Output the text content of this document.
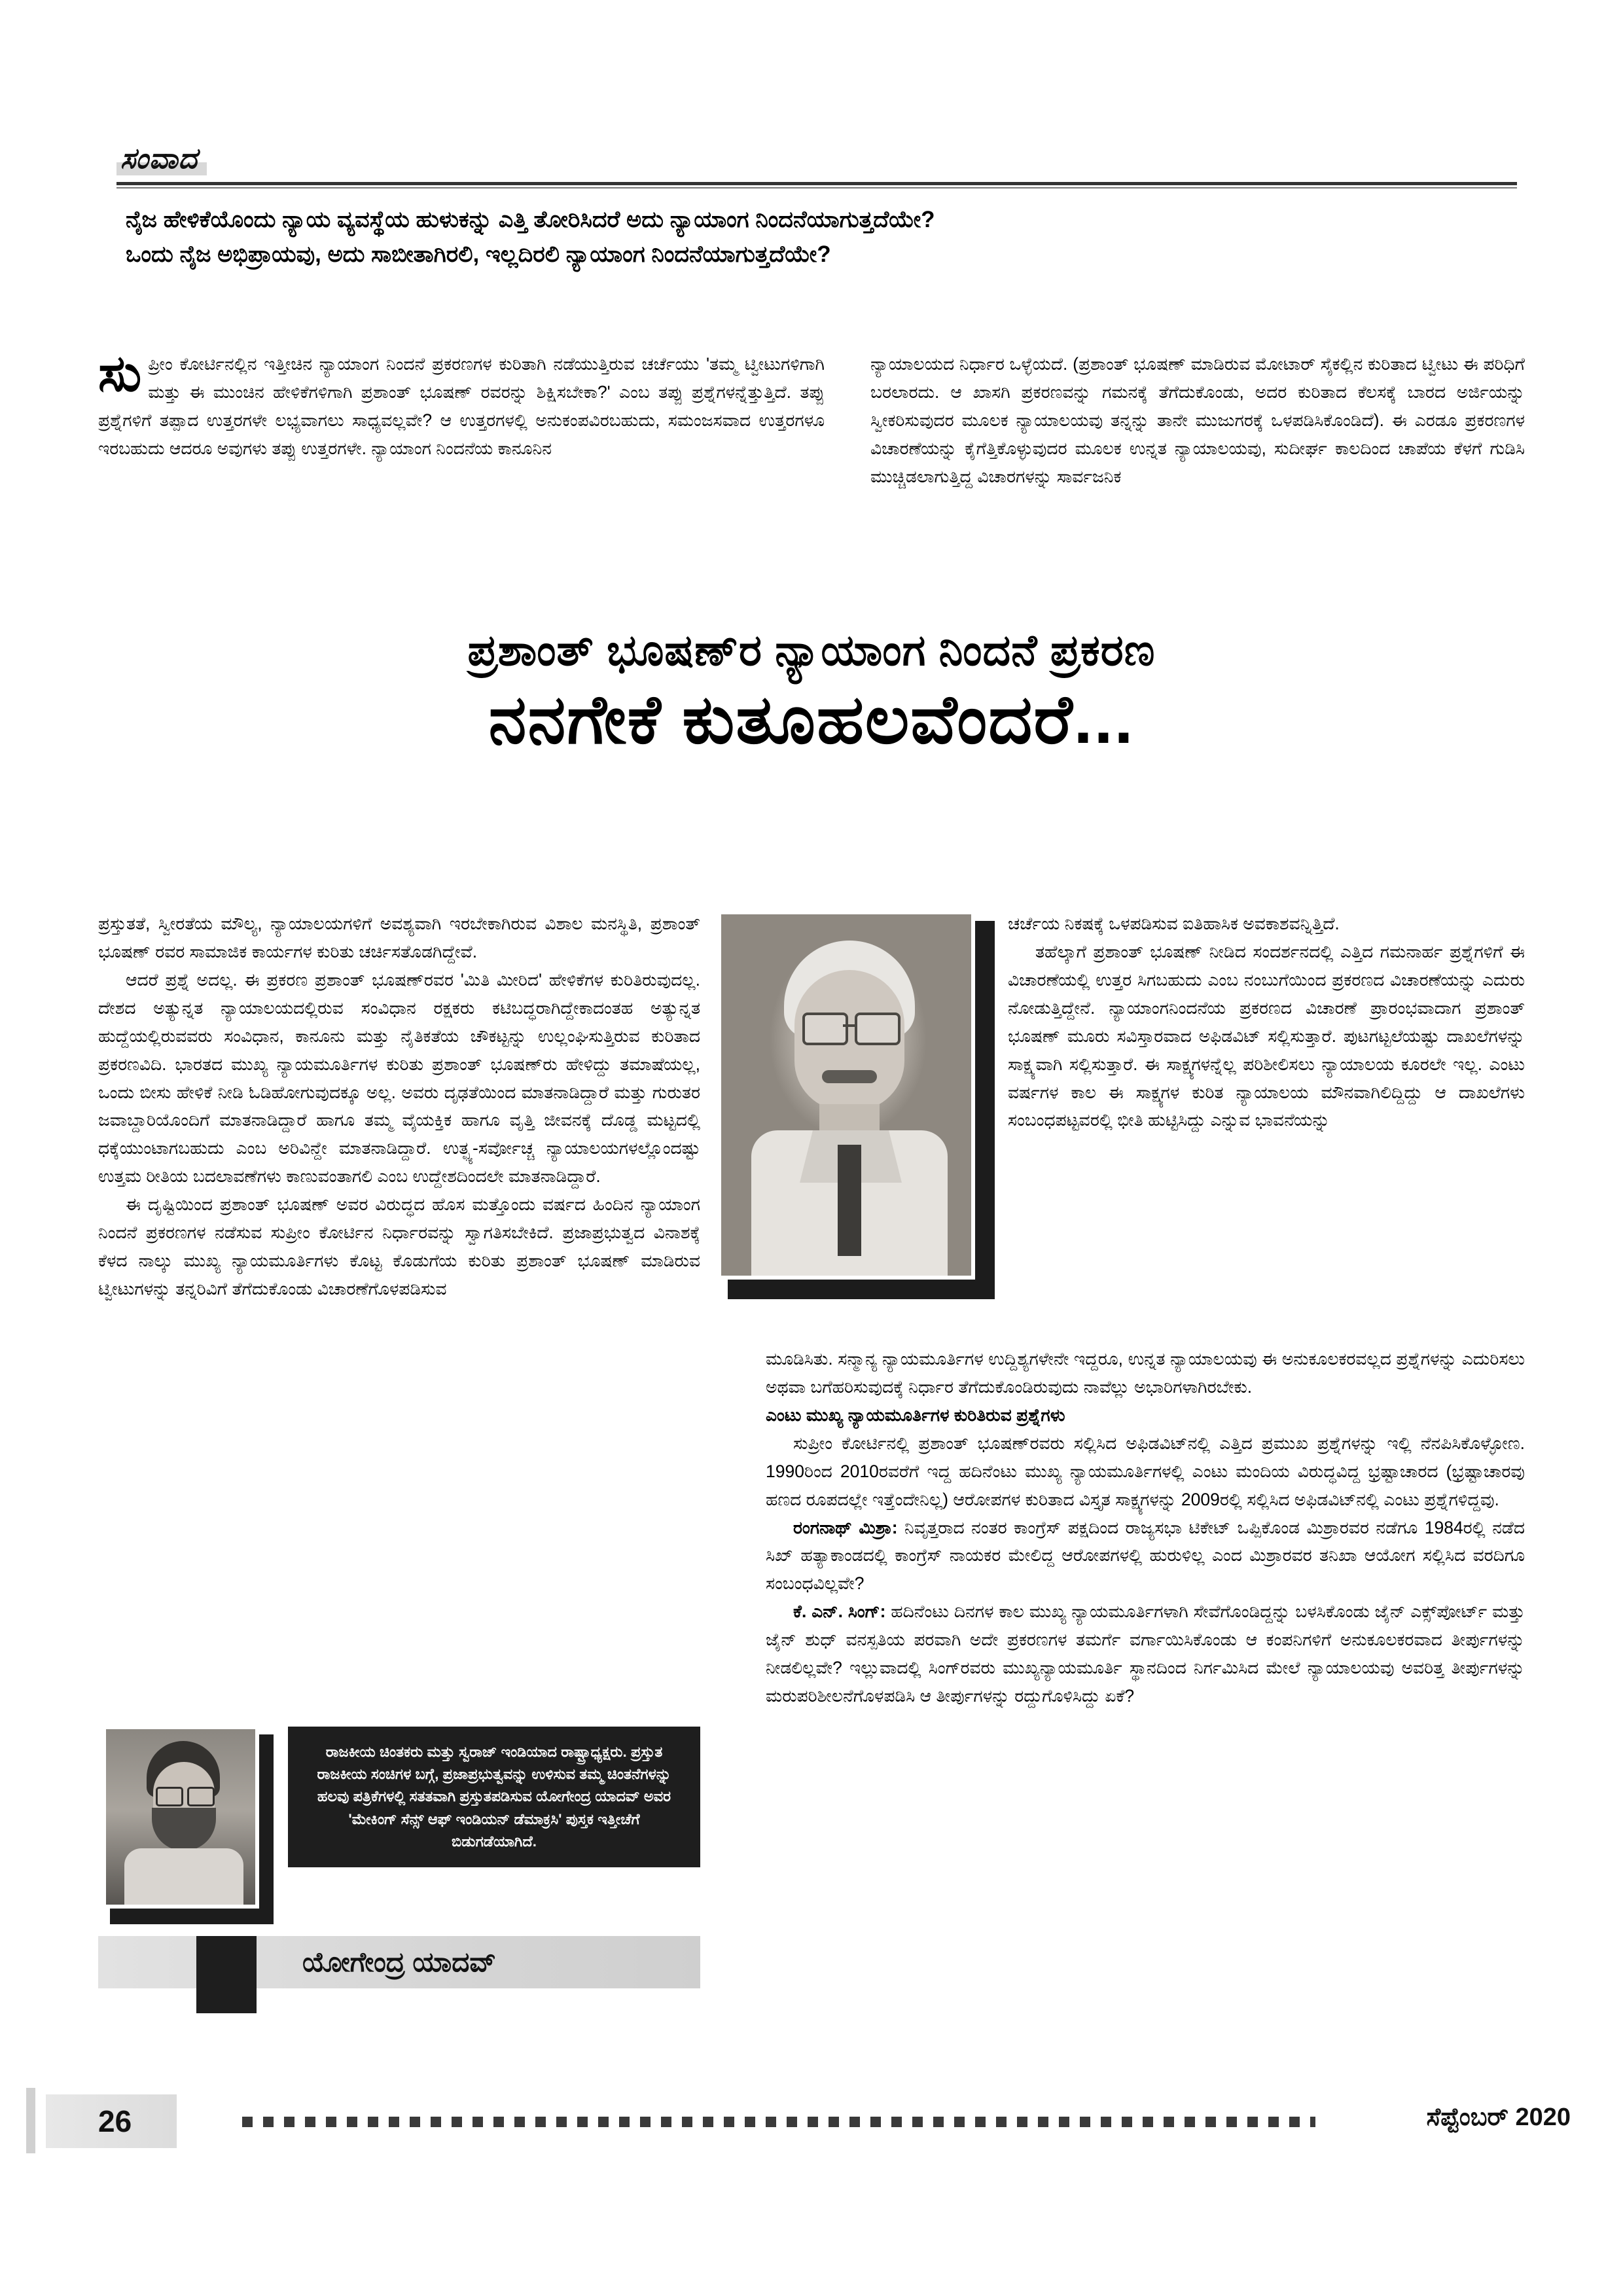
ಸಂವಾದ
ನೈಜ ಹೇಳಿಕೆಯೊಂದು ನ್ಯಾಯ ವ್ಯವಸ್ಥೆಯ ಹುಳುಕನ್ನು ಎತ್ತಿ ತೋರಿಸಿದರೆ ಅದು ನ್ಯಾಯಾಂಗ ನಿಂದನೆಯಾಗುತ್ತದೆಯೇ?
ಒಂದು ನೈಜ ಅಭಿಪ್ರಾಯವು, ಅದು ಸಾಬೀತಾಗಿರಲಿ, ಇಲ್ಲದಿರಲಿ ನ್ಯಾಯಾಂಗ ನಿಂದನೆಯಾಗುತ್ತದೆಯೇ?
ಸುಪ್ರೀಂ ಕೋರ್ಟಿನಲ್ಲಿನ ಇತ್ತೀಚಿನ ನ್ಯಾಯಾಂಗ ನಿಂದನೆ ಪ್ರಕರಣಗಳ ಕುರಿತಾಗಿ ನಡೆಯುತ್ತಿರುವ ಚರ್ಚೆಯು 'ತಮ್ಮ ಟ್ವೀಟುಗಳಿಗಾಗಿ ಮತ್ತು ಈ ಮುಂಚಿನ ಹೇಳಿಕೆಗಳಿಗಾಗಿ ಪ್ರಶಾಂತ್ ಭೂಷಣ್ ರವರನ್ನು ಶಿಕ್ಷಿಸಬೇಕಾ?' ಎಂಬ ತಪ್ಪು ಪ್ರಶ್ನೆಗಳನ್ನೆತ್ತುತ್ತಿದೆ. ತಪ್ಪು ಪ್ರಶ್ನೆಗಳಿಗೆ ತಪ್ಪಾದ ಉತ್ತರಗಳೇ ಲಭ್ಯವಾಗಲು ಸಾಧ್ಯವಲ್ಲವೇ? ಆ ಉತ್ತರಗಳಲ್ಲಿ ಅನುಕಂಪವಿರಬಹುದು, ಸಮಂಜಸವಾದ ಉತ್ತರಗಳೂ ಇರಬಹುದು ಆದರೂ ಅವುಗಳು ತಪ್ಪು ಉತ್ತರಗಳೇ. ನ್ಯಾಯಾಂಗ ನಿಂದನೆಯ ಕಾನೂನಿನ
ನ್ಯಾಯಾಲಯದ ನಿರ್ಧಾರ ಒಳ್ಳೆಯದೆ. (ಪ್ರಶಾಂತ್ ಭೂಷಣ್ ಮಾಡಿರುವ ಮೋಟಾರ್ ಸೈಕಲ್ಲಿನ ಕುರಿತಾದ ಟ್ವೀಟು ಈ ಪರಿಧಿಗೆ ಬರಲಾರದು. ಆ ಖಾಸಗಿ ಪ್ರಕರಣವನ್ನು ಗಮನಕ್ಕೆ ತೆಗೆದುಕೊಂಡು, ಅದರ ಕುರಿತಾದ ಕೆಲಸಕ್ಕೆ ಬಾರದ ಅರ್ಜಿಯನ್ನು ಸ್ವೀಕರಿಸುವುದರ ಮೂಲಕ ನ್ಯಾಯಾಲಯವು ತನ್ನನ್ನು ತಾನೇ ಮುಜುಗರಕ್ಕೆ ಒಳಪಡಿಸಿಕೊಂಡಿದೆ). ಈ ಎರಡೂ ಪ್ರಕರಣಗಳ ವಿಚಾರಣೆಯನ್ನು ಕೈಗೆತ್ತಿಕೊಳ್ಳುವುದರ ಮೂಲಕ ಉನ್ನತ ನ್ಯಾಯಾಲಯವು, ಸುದೀರ್ಘ ಕಾಲದಿಂದ ಚಾಪೆಯ ಕೆಳಗೆ ಗುಡಿಸಿ ಮುಚ್ಚಿಡಲಾಗುತ್ತಿದ್ದ ವಿಚಾರಗಳನ್ನು ಸಾರ್ವಜನಿಕ
ಪ್ರಶಾಂತ್ ಭೂಷಣ್‌ರ ನ್ಯಾಯಾಂಗ ನಿಂದನೆ ಪ್ರಕರಣ
ನನಗೇಕೆ ಕುತೂಹಲವೆಂದರೆ...

ಪ್ರಸ್ತುತತೆ, ಸ್ವೀರತೆಯ ಮೌಲ್ಯ, ನ್ಯಾಯಾಲಯಗಳಿಗೆ ಅವಶ್ಯವಾಗಿ ಇರಬೇಕಾಗಿರುವ ವಿಶಾಲ ಮನಸ್ಥಿತಿ, ಪ್ರಶಾಂತ್ ಭೂಷಣ್ ರವರ ಸಾಮಾಜಿಕ ಕಾರ್ಯಗಳ ಕುರಿತು ಚರ್ಚಿಸತೊಡಗಿದ್ದೇವೆ.

ಆದರೆ ಪ್ರಶ್ನೆ ಅದಲ್ಲ. ಈ ಪ್ರಕರಣ ಪ್ರಶಾಂತ್ ಭೂಷಣ್‌ರವರ 'ಮಿತಿ ಮೀರಿದ' ಹೇಳಿಕೆಗಳ ಕುರಿತಿರುವುದಲ್ಲ. ದೇಶದ ಅತ್ಯುನ್ನತ ನ್ಯಾಯಾಲಯದಲ್ಲಿರುವ ಸಂವಿಧಾನ ರಕ್ಷಕರು ಕಟಿಬದ್ಧರಾಗಿದ್ದೇಕಾದಂತಹ ಅತ್ಯುನ್ನತ ಹುದ್ದೆಯಲ್ಲಿರುವವರು ಸಂವಿಧಾನ, ಕಾನೂನು ಮತ್ತು ನೈತಿಕತೆಯ ಚೌಕಟ್ಟನ್ನು ಉಲ್ಲಂಘಿಸುತ್ತಿರುವ ಕುರಿತಾದ ಪ್ರಕರಣವಿದಿ. ಭಾರತದ ಮುಖ್ಯ ನ್ಯಾಯಮೂರ್ತಿಗಳ ಕುರಿತು ಪ್ರಶಾಂತ್ ಭೂಷಣ್‌ರು ಹೇಳಿದ್ದು ತಮಾಷೆಯಲ್ಲ, ಒಂದು ಬೀಸು ಹೇಳಿಕೆ ನೀಡಿ ಓಡಿಹೋಗುವುದಕ್ಕೂ ಅಲ್ಲ. ಅವರು ದೃಢತೆಯಿಂದ ಮಾತನಾಡಿದ್ದಾರೆ ಮತ್ತು ಗುರುತರ ಜವಾಬ್ದಾರಿಯೊಂದಿಗೆ ಮಾತನಾಡಿದ್ದಾರೆ ಹಾಗೂ ತಮ್ಮ ವೈಯಕ್ತಿಕ ಹಾಗೂ ವೃತ್ತಿ ಜೀವನಕ್ಕೆ ದೊಡ್ಡ ಮಟ್ಟದಲ್ಲಿ ಧಕ್ಕೆಯುಂಟಾಗಬಹುದು ಎಂಬ ಅರಿವಿನ್ದೇ ಮಾತನಾಡಿದ್ದಾರೆ. ಉತ್ಛ್ಯ-ಸರ್ವೋಚ್ಚ ನ್ಯಾಯಾಲಯಗಳಲ್ಲೊಂದಷ್ಟು ಉತ್ತಮ ರೀತಿಯ ಬದಲಾವಣೆಗಳು ಕಾಣುವಂತಾಗಲಿ ಎಂಬ ಉದ್ದೇಶದಿಂದಲೇ ಮಾತನಾಡಿದ್ದಾರೆ.

ಈ ದೃಷ್ಟಿಯಿಂದ ಪ್ರಶಾಂತ್ ಭೂಷಣ್ ಅವರ ವಿರುದ್ಧದ ಹೊಸ ಮತ್ತೊಂದು ವರ್ಷದ ಹಿಂದಿನ ನ್ಯಾಯಾಂಗ ನಿಂದನೆ ಪ್ರಕರಣಗಳ ನಡೆಸುವ ಸುಪ್ರೀಂ ಕೋರ್ಟಿನ ನಿರ್ಧಾರವನ್ನು ಸ್ವಾಗತಿಸಬೇಕಿದೆ. ಪ್ರಜಾಪ್ರಭುತ್ವದ ವಿನಾಶಕ್ಕೆ ಕೆಳದ ನಾಲ್ಕು ಮುಖ್ಯ ನ್ಯಾಯಮೂರ್ತಿಗಳು ಕೊಟ್ಟ ಕೊಡುಗೆಯ ಕುರಿತು ಪ್ರಶಾಂತ್ ಭೂಷಣ್ ಮಾಡಿರುವ ಟ್ವೀಟುಗಳನ್ನು ತನ್ನರಿವಿಗೆ ತೆಗೆದುಕೊಂಡು ವಿಚಾರಣೆಗೊಳಪಡಿಸುವ

ಚರ್ಚೆಯ ನಿಕಷಕ್ಕೆ ಒಳಪಡಿಸುವ ಐತಿಹಾಸಿಕ ಅವಕಾಶವನ್ನಿತ್ತಿದೆ.

ತಹೆಲ್ಕಾಗೆ ಪ್ರಶಾಂತ್ ಭೂಷಣ್ ನೀಡಿದ ಸಂದರ್ಶನದಲ್ಲಿ ಎತ್ತಿದ ಗಮನಾರ್ಹ ಪ್ರಶ್ನೆಗಳಿಗೆ ಈ ವಿಚಾರಣೆಯಲ್ಲಿ ಉತ್ತರ ಸಿಗಬಹುದು ಎಂಬ ನಂಬುಗೆಯಿಂದ ಪ್ರಕರಣದ ವಿಚಾರಣೆಯನ್ನು ಎದುರು ನೋಡುತ್ತಿದ್ದೇನೆ. ನ್ಯಾಯಾಂಗನಿಂದನೆಯ ಪ್ರಕರಣದ ವಿಚಾರಣೆ ಪ್ರಾರಂಭವಾದಾಗ ಪ್ರಶಾಂತ್ ಭೂಷಣ್ ಮೂರು ಸವಿಸ್ತಾರವಾದ ಅಫಿಡವಿಟ್ ಸಲ್ಲಿಸುತ್ತಾರೆ. ಪುಟಗಟ್ಟಲೆಯಷ್ಟು ದಾಖಲೆಗಳನ್ನು ಸಾಕ್ಷ್ಯವಾಗಿ ಸಲ್ಲಿಸುತ್ತಾರೆ. ಈ ಸಾಕ್ಷ್ಯಗಳನ್ನೆಲ್ಲ ಪರಿಶೀಲಿಸಲು ನ್ಯಾಯಾಲಯ ಕೂರಲೇ ಇಲ್ಲ. ಎಂಟು ವರ್ಷಗಳ ಕಾಲ ಈ ಸಾಕ್ಷ್ಯಗಳ ಕುರಿತ ನ್ಯಾಯಾಲಯ ಮೌನವಾಗಿಲಿದ್ದಿದ್ದು ಆ ದಾಖಲೆಗಳು ಸಂಬಂಧಪಟ್ಟವರಲ್ಲಿ ಭೀತಿ ಹುಟ್ಟಿಸಿದ್ದು ಎನ್ನುವ ಭಾವನೆಯನ್ನು

ಮೂಡಿಸಿತು. ಸನ್ಮಾನ್ಯ ನ್ಯಾಯಮೂರ್ತಿಗಳ ಉದ್ದಿಶ್ಯಗಳೇನೇ ಇದ್ದರೂ, ಉನ್ನತ ನ್ಯಾಯಾಲಯವು ಈ ಅನುಕೂಲಕರವಲ್ಲದ ಪ್ರಶ್ನೆಗಳನ್ನು ಎದುರಿಸಲು ಅಥವಾ ಬಗೆಹರಿಸುವುದಕ್ಕೆ ನಿರ್ಧಾರ ತೆಗೆದುಕೊಂಡಿರುವುದು ನಾವೆಲ್ಲು ಅಭಾರಿಗಳಾಗಿರಬೇಕು.

ಎಂಟು ಮುಖ್ಯ ನ್ಯಾಯಮೂರ್ತಿಗಳ ಕುರಿತಿರುವ ಪ್ರಶ್ನೆಗಳು

ಸುಪ್ರೀಂ ಕೋರ್ಟಿನಲ್ಲಿ ಪ್ರಶಾಂತ್ ಭೂಷಣ್‌ರವರು ಸಲ್ಲಿಸಿದ ಅಫಿಡವಿಟ್‌ನಲ್ಲಿ ಎತ್ತಿದ ಪ್ರಮುಖ ಪ್ರಶ್ನೆಗಳನ್ನು ಇಲ್ಲಿ ನೆನಪಿಸಿಕೊಳ್ಳೋಣ. 1990ರಿಂದ 2010ರವರೆಗೆ ಇದ್ದ ಹದಿನೆಂಟು ಮುಖ್ಯ ನ್ಯಾಯಮೂರ್ತಿಗಳಲ್ಲಿ ಎಂಟು ಮಂದಿಯ ವಿರುದ್ಧವಿದ್ದ ಭ್ರಷ್ಟಾಚಾರದ (ಭ್ರಷ್ಟಾಚಾರವು ಹಣದ ರೂಪದಲ್ಲೇ ಇತ್ತೆಂದೇನಿಲ್ಲ) ಆರೋಪಗಳ ಕುರಿತಾದ ವಿಸ್ತೃತ ಸಾಕ್ಷ್ಯಗಳನ್ನು 2009ರಲ್ಲಿ ಸಲ್ಲಿಸಿದ ಅಫಿಡವಿಟ್‌ನಲ್ಲಿ ಎಂಟು ಪ್ರಶ್ನೆಗಳಿದ್ದವು.

ರಂಗನಾಥ್ ಮಿಶ್ರಾ: ನಿವೃತ್ತರಾದ ನಂತರ ಕಾಂಗ್ರೆಸ್ ಪಕ್ಷದಿಂದ ರಾಜ್ಯಸಭಾ ಟಿಕೇಟ್ ಒಪ್ಪಿಕೊಂಡ ಮಿಶ್ರಾರವರ ನಡೆಗೂ 1984ರಲ್ಲಿ ನಡೆದ ಸಿಖ್ ಹತ್ಯಾಕಾಂಡದಲ್ಲಿ ಕಾಂಗ್ರೆಸ್ ನಾಯಕರ ಮೇಲಿದ್ದ ಆರೋಪಗಳಲ್ಲಿ ಹುರುಳಿಲ್ಲ ಎಂದ ಮಿಶ್ರಾರವರ ತನಿಖಾ ಆಯೋಗ ಸಲ್ಲಿಸಿದ ವರದಿಗೂ ಸಂಬಂಧವಿಲ್ಲವೇ?

ಕೆ. ಎನ್. ಸಿಂಗ್: ಹದಿನೆಂಟು ದಿನಗಳ ಕಾಲ ಮುಖ್ಯ ನ್ಯಾಯಮೂರ್ತಿಗಳಾಗಿ ಸೇವೆಗೊಂಡಿದ್ದನ್ನು ಬಳಸಿಕೊಂಡು ಜೈನ್ ಎಕ್ಸ್‌ಪೋರ್ಟ್ ಮತ್ತು ಜೈನ್ ಶುಧ್ ವನಸ್ಪತಿಯ ಪರವಾಗಿ ಅದೇ ಪ್ರಕರಣಗಳ ತಮರ್ಗೆ ವರ್ಗಾಯಿಸಿಕೊಂಡು ಆ ಕಂಪನಿಗಳಿಗೆ ಅನುಕೂಲಕರವಾದ ತೀರ್ಪುಗಳನ್ನು ನೀಡಲಿಲ್ಲವೇ? ಇಲ್ಲುವಾದಲ್ಲಿ ಸಿಂಗ್‌ರವರು ಮುಖ್ಯನ್ಯಾಯಮೂರ್ತಿ ಸ್ಥಾನದಿಂದ ನಿರ್ಗಮಿಸಿದ ಮೇಲೆ ನ್ಯಾಯಾಲಯವು ಅವರಿತ್ತ ತೀರ್ಪುಗಳನ್ನು ಮರುಪರಿಶೀಲನೆಗೊಳಪಡಿಸಿ ಆ ತೀರ್ಪುಗಳನ್ನು ರದ್ದುಗೊಳಿಸಿದ್ದು ಏಕೆ?

ರಾಜಕೀಯ ಚಿಂತಕರು ಮತ್ತು ಸ್ವರಾಜ್ ಇಂಡಿಯಾದ ರಾಷ್ಟ್ರಾಧ್ಯಕ್ಷರು. ಪ್ರಸ್ತುತ ರಾಜಕೀಯ ಸಂಚಿಗಳ ಬಗ್ಗೆ, ಪ್ರಜಾಪ್ರಭುತ್ವವನ್ನು ಉಳಿಸುವ ತಮ್ಮ ಚಿಂತನೆಗಳನ್ನು ಹಲವು ಪತ್ರಿಕೆಗಳಲ್ಲಿ ಸತತವಾಗಿ ಪ್ರಸ್ತುತಪಡಿಸುವ ಯೋಗೇಂದ್ರ ಯಾದವ್ ಅವರ 'ಮೇಕಿಂಗ್ ಸೆನ್ಸ್ ಆಫ್ ಇಂಡಿಯನ್ ಡೆಮಾಕ್ರಸಿ' ಪುಸ್ತಕ ಇತ್ತೀಚೆಗೆ ಬಿಡುಗಡೆಯಾಗಿದೆ.
ಯೋಗೇಂದ್ರ ಯಾದವ್
26	ಸೆಪ್ಟೆಂಬರ್ 2020
